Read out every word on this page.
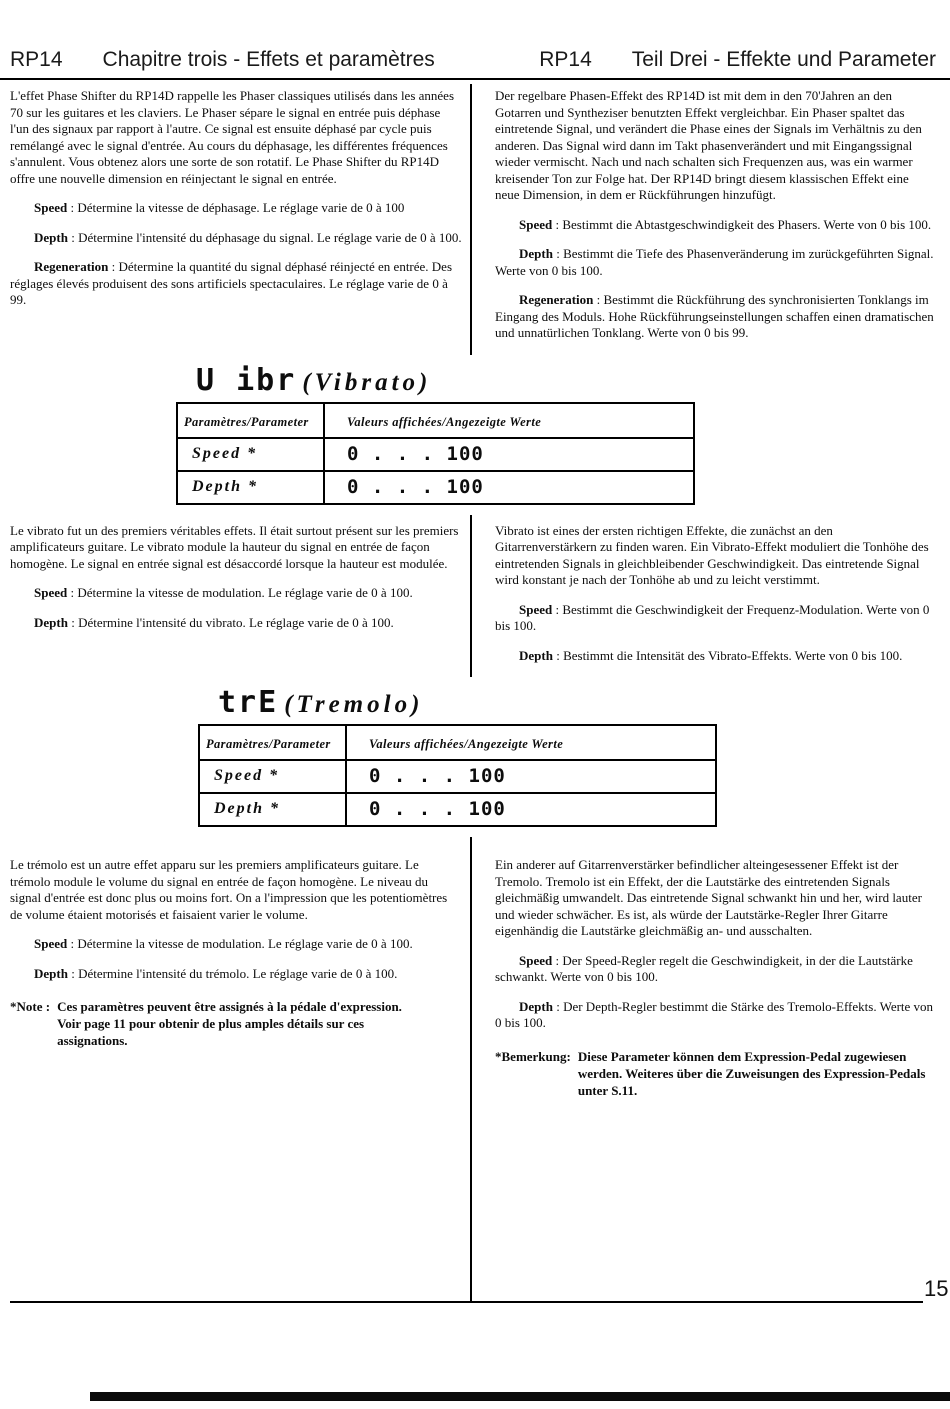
RP14 Chapitre trois - Effets et paramètres	RP14 Teil Drei - Effekte und Parameter

L'effet Phase Shifter du RP14D rappelle les Phaser classiques utilisés dans les années 70 sur les guitares et les claviers. Le Phaser sépare le signal en entrée puis déphase l'un des signaux par rapport à l'autre. Ce signal est ensuite déphasé par cycle puis remélangé avec le signal d'entrée. Au cours du déphasage, les différentes fréquences s'annulent. Vous obtenez alors une sorte de son rotatif. Le Phase Shifter du RP14D offre une nouvelle dimension en réinjectant le signal en entrée.

Speed : Détermine la vitesse de déphasage. Le réglage varie de 0 à 100

Depth : Détermine l'intensité du déphasage du signal. Le réglage varie de 0 à 100.

Regeneration : Détermine la quantité du signal déphasé réinjecté en entrée. Des réglages élevés produisent des sons artificiels spectaculaires. Le réglage varie de 0 à 99.

Der regelbare Phasen-Effekt des RP14D ist mit dem in den 70'Jahren an den Gotarren und Syntheziser benutzten Effekt vergleichbar. Ein Phaser spaltet das eintretende Signal, und verändert die Phase eines der Signals im Verhältnis zu den anderen. Das Signal wird dann im Takt phasenverändert und mit Eingangssignal wieder vermischt. Nach und nach schalten sich Frequenzen aus, was ein warmer kreisender Ton zur Folge hat. Der RP14D bringt diesem klassischen Effekt eine neue Dimension, in dem er Rückführungen hinzufügt.

Speed : Bestimmt die Abtastgeschwindigkeit des Phasers. Werte von 0 bis 100.

Depth : Bestimmt die Tiefe des Phasenveränderung im zurückgeführten Signal. Werte von 0 bis 100.

Regeneration : Bestimmt die Rückführung des synchronisierten Tonklangs im Eingang des Moduls. Hohe Rückführungseinstellungen schaffen einen dramatischen und unnatürlichen Tonklang. Werte von 0 bis 99.

U ibr (Vibrato)
Paramètres/Parameter	Valeurs affichées/Angezeigte Werte
Speed *	0 . . . 100
Depth *	0 . . . 100

Le vibrato fut un des premiers véritables effets. Il était surtout présent sur les premiers amplificateurs guitare. Le vibrato module la hauteur du signal en entrée de façon homogène. Le signal en entrée signal est désaccordé lorsque la hauteur est modulée.

Speed : Détermine la vitesse de modulation. Le réglage varie de 0 à 100.

Depth : Détermine l'intensité du vibrato. Le réglage varie de 0 à 100.

Vibrato ist eines der ersten richtigen Effekte, die zunächst an den Gitarrenverstärkern zu finden waren. Ein Vibrato-Effekt moduliert die Tonhöhe des eintretenden Signals in gleichbleibender Geschwindigkeit. Das eintretende Signal wird konstant je nach der Tonhöhe ab und zu leicht verstimmt.

Speed : Bestimmt die Geschwindigkeit der Frequenz-Modulation. Werte von 0 bis 100.

Depth : Bestimmt die Intensität des Vibrato-Effekts. Werte von 0 bis 100.

trE (Tremolo)
Paramètres/Parameter	Valeurs affichées/Angezeigte Werte
Speed *	0 . . . 100
Depth *	0 . . . 100

Le trémolo est un autre effet apparu sur les premiers amplificateurs guitare. Le trémolo module le volume du signal en entrée de façon homogène. Le niveau du signal d'entrée est donc plus ou moins fort. On a l'impression que les potentiomètres de volume étaient motorisés et faisaient varier le volume.

Speed : Détermine la vitesse de modulation. Le réglage varie de 0 à 100.

Depth : Détermine l'intensité du trémolo. Le réglage varie de 0 à 100.

*Note : Ces paramètres peuvent être assignés à la pédale d'expression. Voir page 11 pour obtenir de plus amples détails sur ces assignations.

Ein anderer auf Gitarrenverstärker befindlicher alteingesessener Effekt ist der Tremolo. Tremolo ist ein Effekt, der die Lautstärke des eintretenden Signals gleichmäßig umwandelt. Das eintretende Signal schwankt hin und her, wird lauter und wieder schwächer. Es ist, als würde der Lautstärke-Regler Ihrer Gitarre eigenhändig die Lautstärke gleichmäßig an- und ausschalten.

Speed : Der Speed-Regler regelt die Geschwindigkeit, in der die Lautstärke schwankt. Werte von 0 bis 100.

Depth : Der Depth-Regler bestimmt die Stärke des Tremolo-Effekts. Werte von 0 bis 100.

*Bemerkung: Diese Parameter können dem Expression-Pedal zugewiesen werden. Weiteres über die Zuweisungen des Expression-Pedals unter S.11.

15
